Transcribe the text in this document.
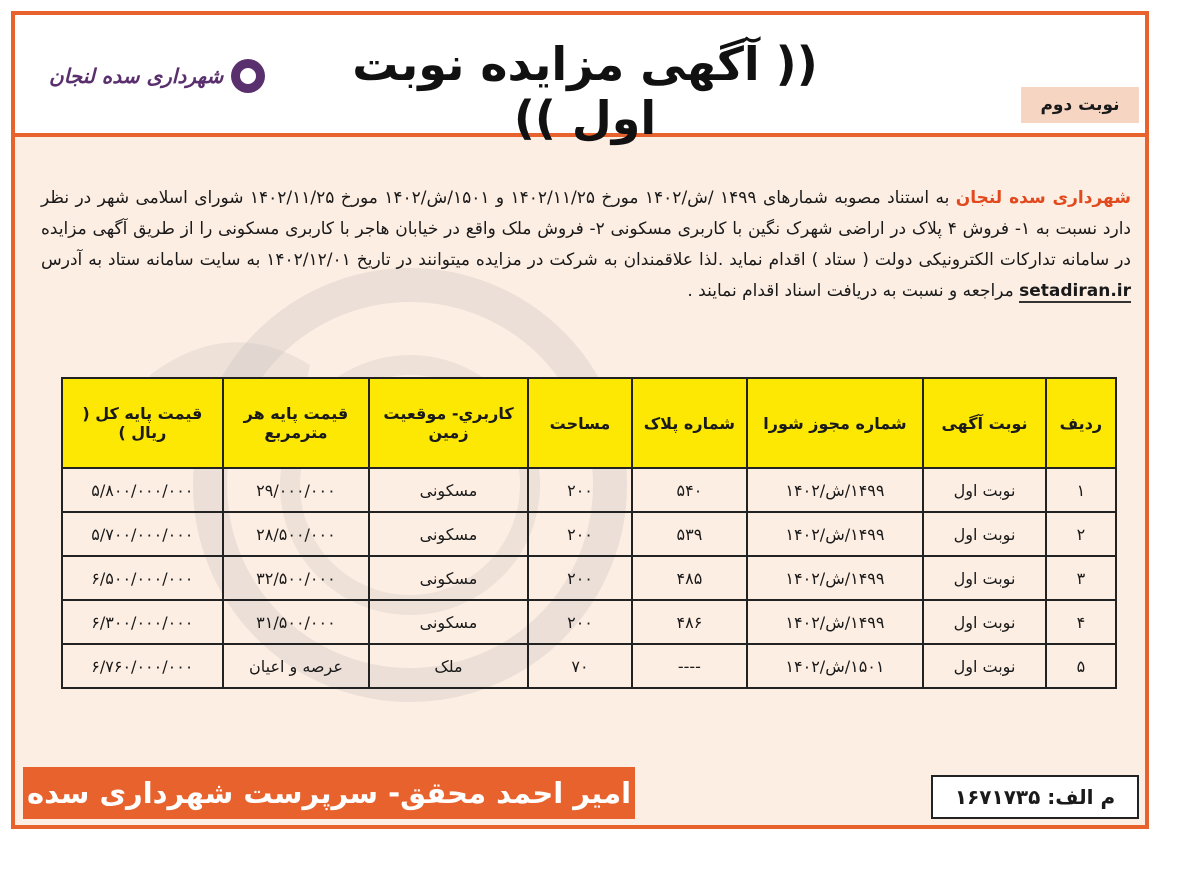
شهرداری سده لنجان	(( آگهی مزایده نوبت اول ))	نوبت دوم
شهرداری سده لنجان به استناد مصوبه شمارهای ۱۴۹۹ /ش/۱۴۰۲ مورخ ۱۴۰۲/۱۱/۲۵ و ۱۵۰۱/ش/۱۴۰۲ مورخ ۱۴۰۲/۱۱/۲۵ شورای اسلامی شهر در نظر دارد نسبت به ۱- فروش ۴ پلاک در اراضی شهرک نگین با کاربری مسکونی ۲- فروش ملک واقع در خیابان هاجر با کاربری مسکونی را از طریق آگهی مزایده در سامانه تدارکات الکترونیکی دولت ( ستاد ) اقدام نماید .لذا علاقمندان به شرکت در مزایده میتوانند در تاریخ ۱۴۰۲/۱۲/۰۱ به سایت سامانه ستاد به آدرس setadiran.ir مراجعه و نسبت به دریافت اسناد اقدام نمایند .
ردیف	نوبت آگهی	شماره مجوز شورا	شماره پلاک	مساحت	کاربري- موقعیت زمین	قیمت پایه هر مترمربع	قیمت پایه کل ( ریال )
۱	نوبت اول	۱۴۹۹/ش/۱۴۰۲	۵۴۰	۲۰۰	مسکونی	۲۹/۰۰۰/۰۰۰	۵/۸۰۰/۰۰۰/۰۰۰
۲	نوبت اول	۱۴۹۹/ش/۱۴۰۲	۵۳۹	۲۰۰	مسکونی	۲۸/۵۰۰/۰۰۰	۵/۷۰۰/۰۰۰/۰۰۰
۳	نوبت اول	۱۴۹۹/ش/۱۴۰۲	۴۸۵	۲۰۰	مسکونی	۳۲/۵۰۰/۰۰۰	۶/۵۰۰/۰۰۰/۰۰۰
۴	نوبت اول	۱۴۹۹/ش/۱۴۰۲	۴۸۶	۲۰۰	مسکونی	۳۱/۵۰۰/۰۰۰	۶/۳۰۰/۰۰۰/۰۰۰
۵	نوبت اول	۱۵۰۱/ش/۱۴۰۲	----	۷۰	ملک	عرصه و اعیان	۶/۷۶۰/۰۰۰/۰۰۰
امیر احمد محقق- سرپرست شهرداری سده لنجان
م الف: ۱۶۷۱۷۳۵
